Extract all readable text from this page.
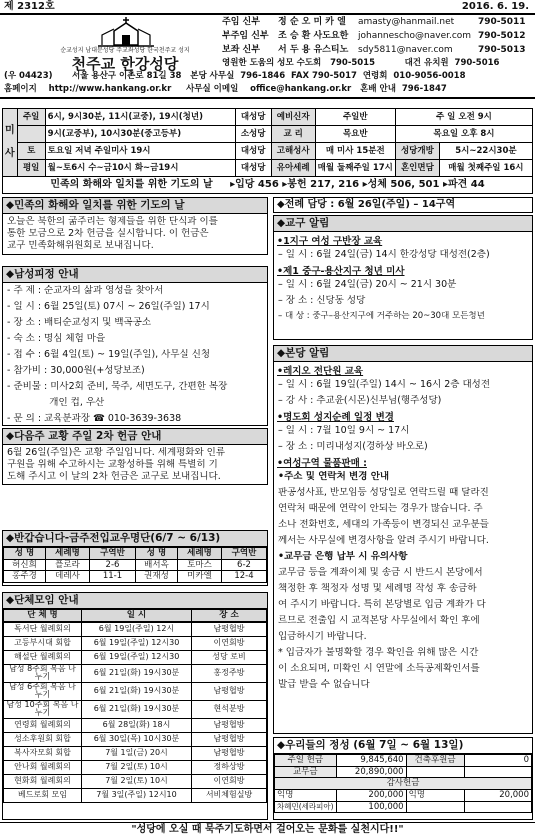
제 2312호	2016. 6. 19.
순교성지 남대문성당 주교좌성당 한국천주교 성지
천주교 한강성당
주임 신부	정 순 오 미 카 엘	amasty@hanmail.net	790-5011
부주임 신부	조 승 환 사도요한	johannescho@naver.com 790-5012
보좌 신부	서 두 용 유스티노	sdy5811@naver.com	790-5013
영원한 도움의 성모 수도회   790-5015          대건 유치원  790-5016
(우 04423) 서울 용산구 이촌로 81길 38   본당 사무실  796-1846  FAX 790-5017  연령회  010-9056-0018
홈페이지    http://www.hankang.or.kr     사무실 이메일    office@hankang.or.kr   혼배 안내  796-1847
미
사	주일	6시, 9시30분, 11시(교중), 19시(청년)	대성당	예비신자	주일반	주 일 오전 9시	
		9시(교중부), 10시30분(중고등부)	소성당	교 리	목요반	목요일 오후 8시	
	토	토요일 저녁 주일미사 19시	대성당	고해성사	매 미사 15분전	성당개방	5시~22시30분
	평일	월~토6시 수~금10시 화~금19시	대성당	유아세례	매월 둘째주일 17시	혼인면담	매월 첫째주일 16시
민족의 화해와 일치를 위한 기도의 날 ▸입당 456 ▸봉헌 217, 216 ▸성체 506, 501 ▸파견 44							
◆민족의 화해와 일치를 위한 기도의 날
오늘은 북한의 굶주리는 형제들을 위한 단식과 이를
통한 모금으로 2차 헌금을 실시합니다. 이 헌금은
교구 민족화해위원회로 보내집니다.
◆남성피정 안내
- 주 제 : 순교자의 삶과 영성을 찾아서
- 일 시 : 6월 25일(토) 07시 ~ 26일(주일) 17시
- 장 소 : 배티순교성지 및 백곡공소
- 숙 소 : 명심 체험 마을
- 접 수 : 6월 4일(토) ~ 19일(주일), 사무실 신청
- 참가비 : 30,000원(+성당보조)
- 준비물 : 미사2회 준비, 묵주, 세면도구, 간편한 복장
개인 컵, 우산
- 문 의 : 교육분과장 ☎ 010-3639-3638
◆다음주 교황 주일 2차 헌금 안내
6월 26일(주일)은 교황 주일입니다. 세계평화와 인류
구원을 위해 수고하시는 교황성하를 위해 특별히 기
도해 주시고 이 날의 2차 헌금은 교구로 보내집니다.
◆반갑습니다-금주전입교우명단(6/7 ~ 6/13)
성 명	세례명	구역반	성 명	세례명	구역반
허신희	플로라	2-6	배서옥	토마스	6-2
홍주경	데레사	11-1	권재성	미카엘	12-4
◆단체모임 안내
단 체 명	일 시	장 소
독서단 월례회의	6월 19일(주일) 12시	남평협방
고등부시대 회합	6월 19일(주일) 12시30	이연회방
해설단 월례회의	6월 19일(주일) 12시30	성당 로비
남성 8주회 복음 나누기	6월 21일(화) 19시30분	홍정주방
남성 6주회 복음 나누기	6월 21일(화) 19시30분	남평협방
남성 10주회 복음 나누기	6월 21일(화) 19시30분	현석분방
연령회 월례회의	6월 28일(화) 18시	남평협방
성소후원회 회합	6월 30일(목) 10시30분	남평협방
복사자모회 회합	7월 1일(금) 20시	남평협방
안나회 월례회의	7월 2일(토) 10시	정하상방
현화회 월례회의	7월 2일(토) 10시	이연회방
베드로회 모임	7월 3일(주일) 12시10	서비체험실방
◆전례 담당 : 6월 26일(주일) – 14구역
◆교구 알림
•1지구 여성 구반장 교육
– 일 시 : 6월 24일(금) 14시 한강성당 대성전(2층)
•제1 중구-용산지구 청년 미사
– 일 시 : 6월 24일(금) 20시 ~ 21시 30분
– 장 소 : 신당동 성당
– 대 상 : 중구–용산지구에 거주하는 20~30대 모든청년
◆본당 알림
•레지오 전단원 교육
– 일 시 : 6월 19일(주일) 14시 ~ 16시 2층 대성전
– 강 사 : 추교윤(시몬)신부님(행주성당)
•명도회 성지순례 일정 변경
– 일 시 : 7월 10일 9시 ~ 17시
– 장 소 : 미리내성지(경하상 바오로)
•여성구역 물품판매 :
•주소 및 연락처 변경 안내
판공성사표, 반모임등 성당일로 연락드릴 때 달라진
연락처 때문에 연락이 안되는 경우가 많습니다. 주
소나 전화번호, 세대의 가족등이 변경되신 교우분들
께서는 사무실에 변경사항을 알려 주시기 바랍니다.
•교무금 은행 납부 시 유의사항
교무금 등을 계좌이체 및 송금 시 반드시 본당에서
책정한 후 책정자 성명 및 세례명 작성 후 송금하
여 주시기 바랍니다. 특히 본당별로 입금 계좌가 다
르므로 전출입 시 교적본당 사무실에서 확인 후에
입금하시기 바랍니다.
* 입금자가 불명확할 경우 확인을 위해 많은 시간
이 소요되며, 미확인 시 연말에 소득공제확인서를
발급 받을 수 없습니다
◆우리들의 정성 (6월 7일 ~ 6월 13일)
주일 헌금	9,845,640	건축후원금	0
교무금	20,890,000		
감사헌금			
익명	200,000	익명	20,000
차혜민(세라피아)	100,000		
"성당에 오실 때 묵주기도하면서 걸어오는 문화를 실천시다!!"
